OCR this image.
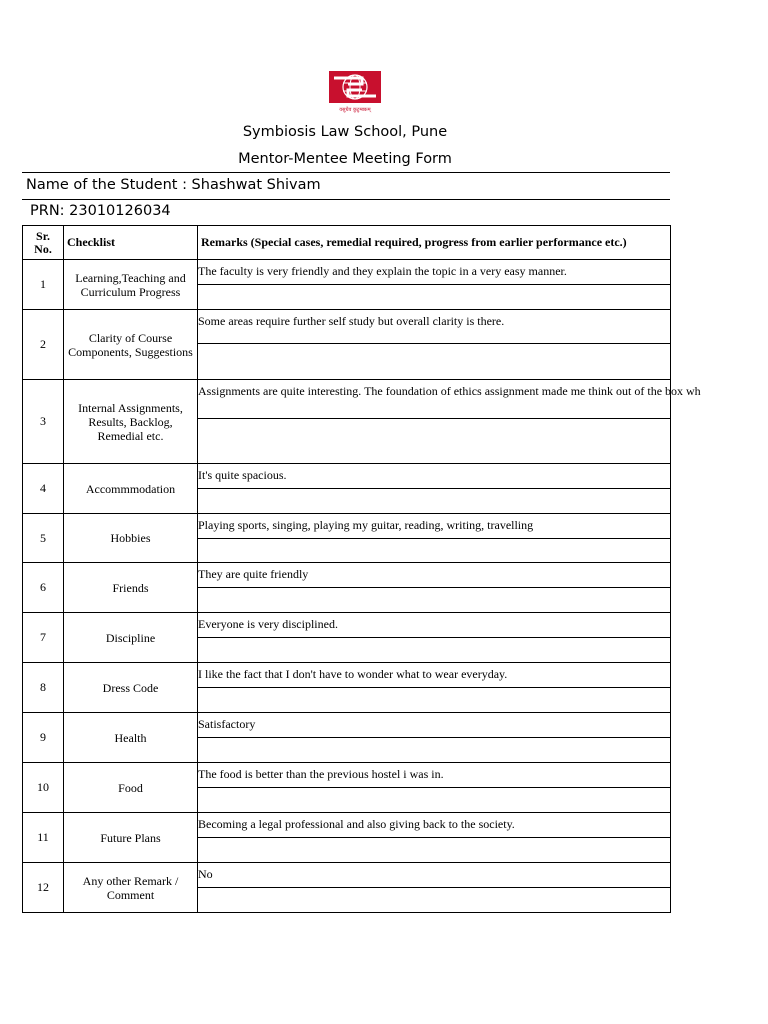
वसुधैव कुटुम्बकम्
Symbiosis Law School, Pune
Mentor-Mentee Meeting Form
Name of the Student : Shashwat Shivam
PRN: 23010126034
Sr.
No.	Checklist	Remarks (Special cases, remedial required, progress from earlier performance etc.)
1	Learning,Teaching and Curriculum Progress	The faculty is very friendly and they explain the topic in a very easy manner.

2	Clarity of Course Components, Suggestions	Some areas require further self study but overall clarity is there.

3	Internal Assignments, Results, Backlog, Remedial etc.	Assignments are quite interesting. The foundation of ethics assignment made me think out of the box wh

4	Accommmodation	It's quite spacious.

5	Hobbies	Playing sports, singing, playing my guitar, reading, writing, travelling

6	Friends	They are quite friendly

7	Discipline	Everyone is very disciplined.

8	Dress Code	I like the fact that I don't have to wonder what to wear everyday.

9	Health	Satisfactory

10	Food	The food is better than the previous hostel i was in.

11	Future Plans	Becoming a legal professional and also giving back to the society.

12	Any other Remark / Comment	No
